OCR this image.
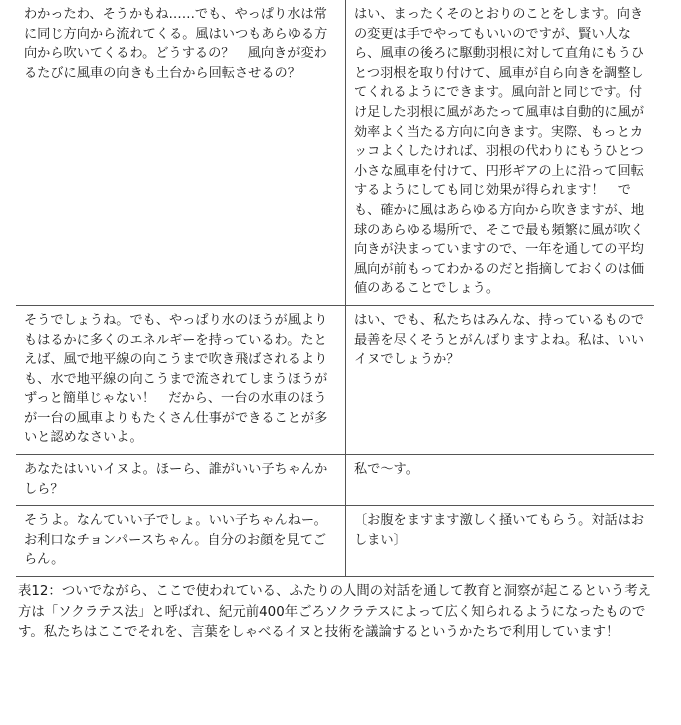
わかったわ、そうかもね……でも、やっぱり水は常に同じ方向から流れてくる。風はいつもあらゆる方向から吹いてくるわ。どうするの？　風向きが変わるたびに風車の向きも土台から回転させるの？	はい、まったくそのとおりのことをします。向きの変更は手でやってもいいのですが、賢い人なら、風車の後ろに駆動羽根に対して直角にもうひとつ羽根を取り付けて、風車が自ら向きを調整してくれるようにできます。風向計と同じです。付け足した羽根に風があたって風車は自動的に風が効率よく当たる方向に向きます。実際、もっとカッコよくしたければ、羽根の代わりにもうひとつ小さな風車を付けて、円形ギアの上に沿って回転するようにしても同じ効果が得られます！　でも、確かに風はあらゆる方向から吹きますが、地球のあらゆる場所で、そこで最も頻繁に風が吹く向きが決まっていますので、一年を通しての平均風向が前もってわかるのだと指摘しておくのは価値のあることでしょう。
そうでしょうね。でも、やっぱり水のほうが風よりもはるかに多くのエネルギーを持っているわ。たとえば、風で地平線の向こうまで吹き飛ばされるよりも、水で地平線の向こうまで流されてしまうほうがずっと簡単じゃない！　だから、一台の水車のほうが一台の風車よりもたくさん仕事ができることが多いと認めなさいよ。	はい、でも、私たちはみんな、持っているもので最善を尽くそうとがんばりますよね。私は、いいイヌでしょうか？
あなたはいいイヌよ。ほーら、誰がいい子ちゃんかしら？	私で〜す。
そうよ。なんていい子でしょ。いい子ちゃんねー。お利口なチョンパースちゃん。自分のお顔を見てごらん。	〔お腹をますます激しく掻いてもらう。対話はおしまい〕
表12：ついでながら、ここで使われている、ふたりの人間の対話を通して教育と洞察が起こるという考え方は「ソクラテス法」と呼ばれ、紀元前400年ごろソクラテスによって広く知られるようになったものです。私たちはここでそれを、言葉をしゃべるイヌと技術を議論するというかたちで利用しています！
